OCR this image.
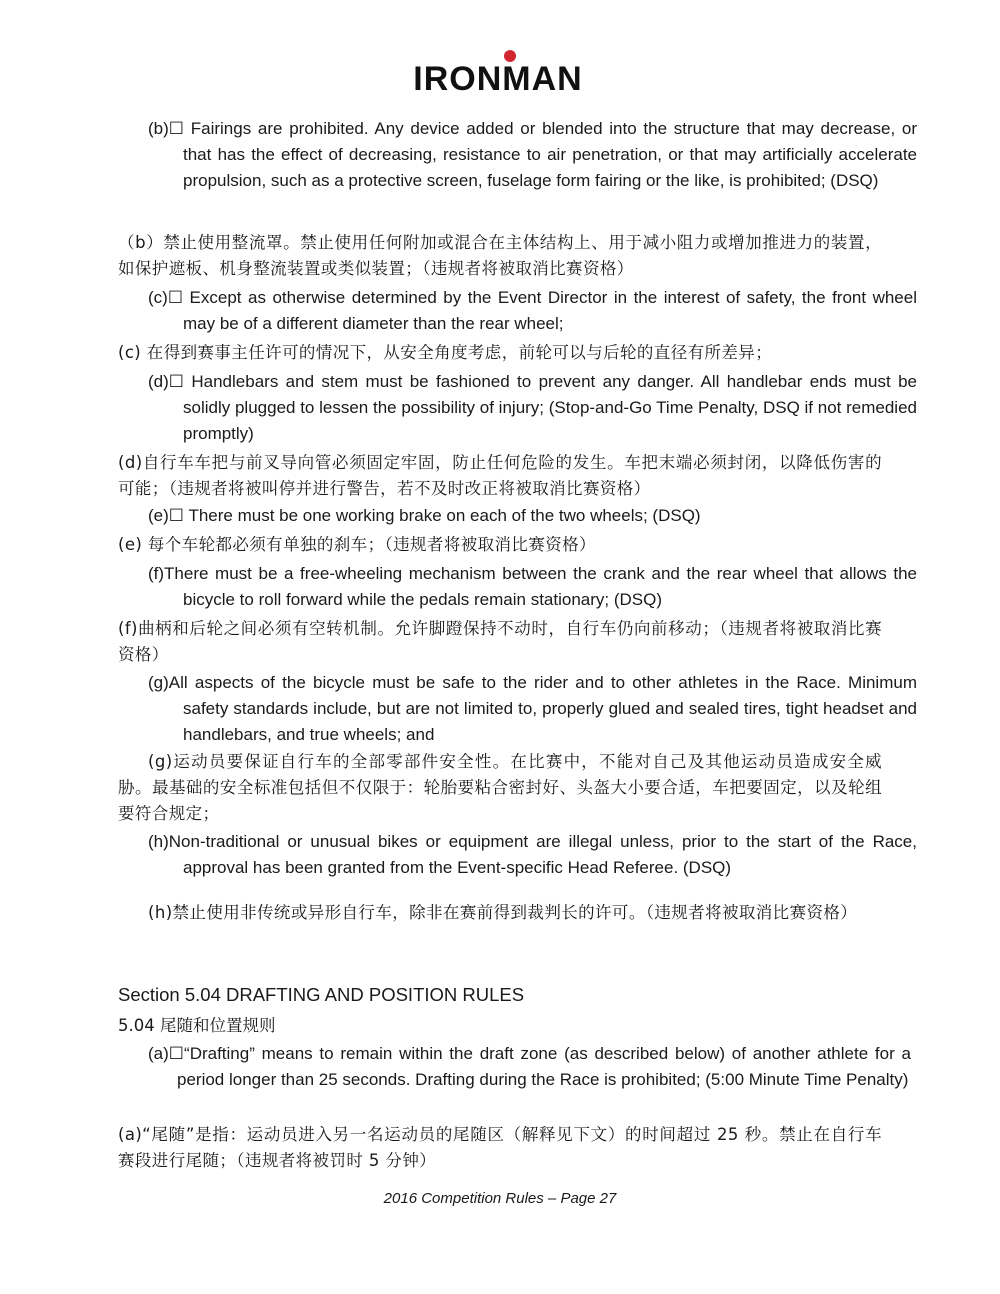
IRONMAN

(b)☐ Fairings are prohibited. Any device added or blended into the structure that may decrease, or that has the effect of decreasing, resistance to air penetration, or that may artificially accelerate propulsion, such as a protective screen, fuselage form fairing or the like, is prohibited; (DSQ)

（b）禁止使用整流罩。禁止使用任何附加或混合在主体结构上、用于减小阻力或增加推进力的装置，如保护遮板、机身整流装置或类似装置；（违规者将被取消比赛资格）

(c)☐ Except as otherwise determined by the Event Director in the interest of safety, the front wheel may be of a different diameter than the rear wheel;

(c) 在得到赛事主任许可的情况下，从安全角度考虑，前轮可以与后轮的直径有所差异；

(d)☐ Handlebars and stem must be fashioned to prevent any danger. All handlebar ends must be solidly plugged to lessen the possibility of injury; (Stop-and-Go Time Penalty, DSQ if not remedied promptly)

(d)自行车车把与前叉导向管必须固定牢固，防止任何危险的发生。车把末端必须封闭，以降低伤害的可能；（违规者将被叫停并进行警告，若不及时改正将被取消比赛资格）

(e)☐ There must be one working brake on each of the two wheels; (DSQ)

(e) 每个车轮都必须有单独的刹车；（违规者将被取消比赛资格）

(f)There must be a free-wheeling mechanism between the crank and the rear wheel that allows the bicycle to roll forward while the pedals remain stationary; (DSQ)

(f)曲柄和后轮之间必须有空转机制。允许脚蹬保持不动时，自行车仍向前移动；（违规者将被取消比赛资格）

(g)All aspects of the bicycle must be safe to the rider and to other athletes in the Race. Minimum safety standards include, but are not limited to, properly glued and sealed tires, tight headset and handlebars, and true wheels; and

(g)运动员要保证自行车的全部零部件安全性。在比赛中，不能对自己及其他运动员造成安全威胁。最基础的安全标准包括但不仅限于：轮胎要粘合密封好、头盔大小要合适，车把要固定，以及轮组要符合规定；

(h)Non-traditional or unusual bikes or equipment are illegal unless, prior to the start of the Race, approval has been granted from the Event-specific Head Referee. (DSQ)

(h)禁止使用非传统或异形自行车，除非在赛前得到裁判长的许可。（违规者将被取消比赛资格）

Section 5.04 DRAFTING AND POSITION RULES

5.04 尾随和位置规则

(a)☐“Drafting” means to remain within the draft zone (as described below) of another athlete for a period longer than 25 seconds. Drafting during the Race is prohibited; (5:00 Minute Time Penalty)

(a)“尾随”是指：运动员进入另一名运动员的尾随区（解释见下文）的时间超过 25 秒。禁止在自行车赛段进行尾随；（违规者将被罚时 5 分钟）

2016 Competition Rules – Page 27
